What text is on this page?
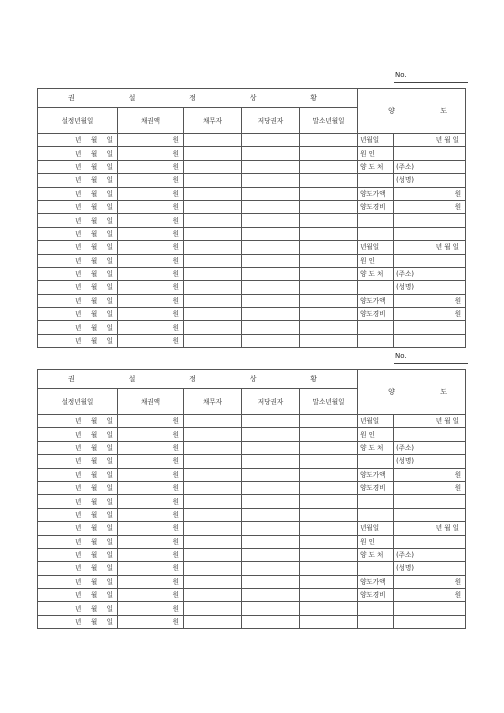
No.
권 설 정 상 황					양 도	

설정년월일	채권액	채무자	저당권자	말소년월일		

년 월 일	원				년월일	년 월 일

년 월 일	원				원 인	

년 월 일	원				양 도 처	(주소)

년 월 일	원					(성명)

년 월 일	원				양도가액	원

년 월 일	원				양도경비	원

년 월 일	원					

년 월 일	원					

년 월 일	원				년월일	년 월 일

년 월 일	원				원 인	

년 월 일	원				양 도 처	(주소)

년 월 일	원					(성명)

년 월 일	원				양도가액	원

년 월 일	원				양도경비	원

년 월 일	원					

년 월 일	원					
No.
권 설 정 상 황					양 도	

설정년월일	채권액	채무자	저당권자	말소년월일		

년 월 일	원				년월일	년 월 일

년 월 일	원				원 인	

년 월 일	원				양 도 처	(주소)

년 월 일	원					(성명)

년 월 일	원				양도가액	원

년 월 일	원				양도경비	원

년 월 일	원					

년 월 일	원					

년 월 일	원				년월일	년 월 일

년 월 일	원				원 인	

년 월 일	원				양 도 처	(주소)

년 월 일	원					(성명)

년 월 일	원				양도가액	원

년 월 일	원				양도경비	원

년 월 일	원					

년 월 일	원					
